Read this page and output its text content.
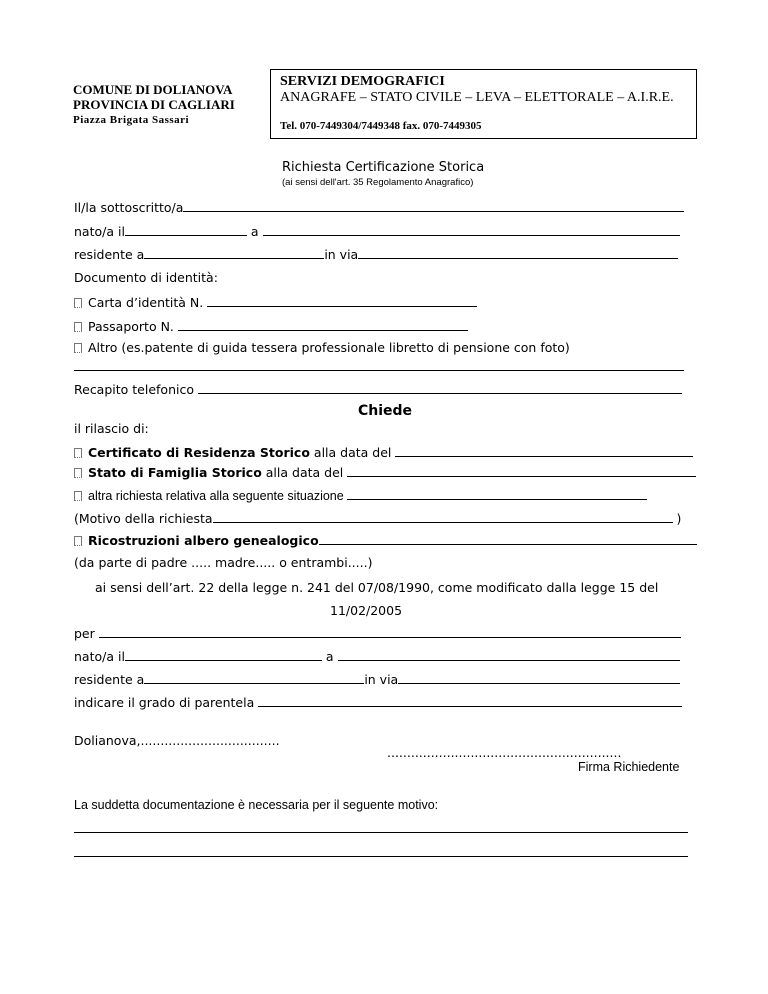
COMUNE DI DOLIANOVA
PROVINCIA DI CAGLIARI
Piazza Brigata Sassari
SERVIZI DEMOGRAFICI
ANAGRAFE – STATO CIVILE – LEVA – ELETTORALE – A.I.R.E.
Tel. 070-7449304/7449348 fax. 070-7449305
Richiesta Certificazione Storica
(ai sensi dell'art. 35 Regolamento Anagrafico)
Il/la sottoscritto/a
nato/a il	a
residente a	in via
Documento di identità:
Carta d’identità N.
Passaporto N.
Altro (es.patente di guida tessera professionale libretto di pensione con foto)
Recapito telefonico
Chiede
il rilascio di:
Certificato di Residenza Storico alla data del
Stato di Famiglia Storico alla data del
altra richiesta relativa alla seguente situazione
(Motivo della richiesta	)
Ricostruzioni albero genealogico
(da parte di padre ..... madre..... o entrambi.....)
ai sensi dell’art. 22 della legge n. 241 del 07/08/1990, come modificato dalla legge 15 del
11/02/2005
per
nato/a il	a
residente a	in via
indicare il grado di parentela
Dolianova,...................................
...........................................................
Firma Richiedente
La suddetta documentazione è necessaria per il seguente motivo:
